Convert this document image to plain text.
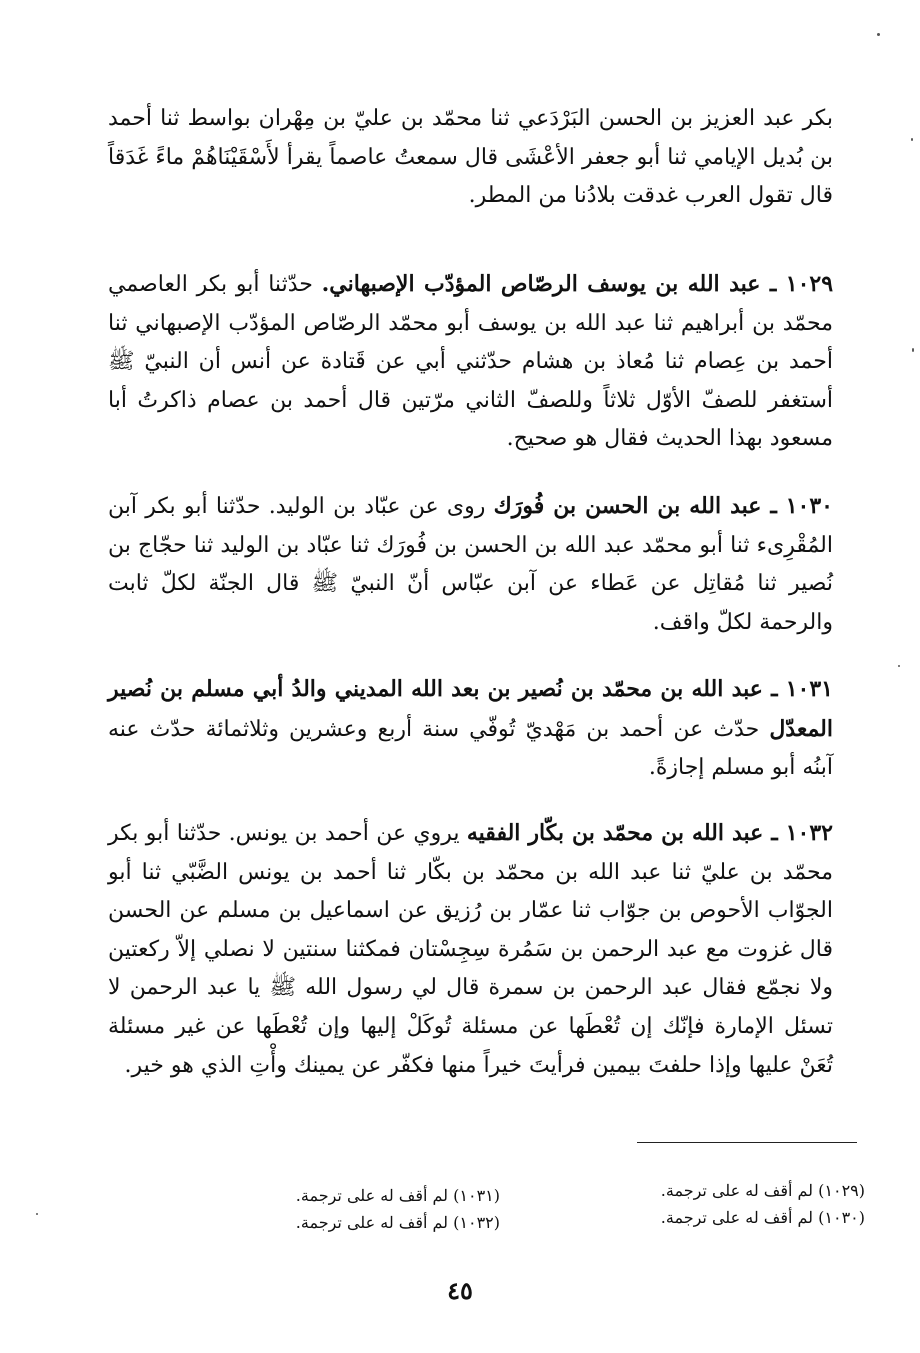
بكر عبد العزيز بن الحسن البَرْدَعي ثنا محمّد بن عليّ بن مِهْران بواسط ثنا أحمد بن بُديل الإيامي ثنا أبو جعفر الأعْشَى قال سمعتُ عاصماً يقرأ لأَسْقَيْنَاهُمْ ماءً غَدَقاً قال تقول العرب غدقت بلادُنا من المطر.

١٠٢٩ ـ عبد الله بن يوسف الرصّاص المؤدّب الإصبهاني. حدّثنا أبو بكر العاصمي محمّد بن أبراهيم ثنا عبد الله بن يوسف أبو محمّد الرصّاص المؤدّب الإصبهاني ثنا أحمد بن عِصام ثنا مُعاذ بن هشام حدّثني أبي عن قَتادة عن أنس أن النبيّ ﷺ أستغفر للصفّ الأوّل ثلاثاً وللصفّ الثاني مرّتين قال أحمد بن عصام ذاكرتُ أبا مسعود بهذا الحديث فقال هو صحيح.

١٠٣٠ ـ عبد الله بن الحسن بن فُورَك روى عن عبّاد بن الوليد. حدّثنا أبو بكر آبن المُقْرِىء ثنا أبو محمّد عبد الله بن الحسن بن فُورَك ثنا عبّاد بن الوليد ثنا حجّاج بن نُصير ثنا مُقاتِل عن عَطاء عن آبن عبّاس أنّ النبيّ ﷺ قال الجنّة لكلّ ثابت والرحمة لكلّ واقف.

١٠٣١ ـ عبد الله بن محمّد بن نُصير بن بعد الله المديني والدُ أبي مسلم بن نُصير المعدّل حدّث عن أحمد بن مَهْديّ تُوفّي سنة أربع وعشرين وثلاثمائة حدّث عنه آبنُه أبو مسلم إجازةً.

١٠٣٢ ـ عبد الله بن محمّد بن بكّار الفقيه يروي عن أحمد بن يونس. حدّثنا أبو بكر محمّد بن عليّ ثنا عبد الله بن محمّد بن بكّار ثنا أحمد بن يونس الضَّبّي ثنا أبو الجوّاب الأحوص بن جوّاب ثنا عمّار بن رُزيق عن اسماعيل بن مسلم عن الحسن قال غزوت مع عبد الرحمن بن سَمُرة سِجِسْتان فمكثنا سنتين لا نصلي إلاّ ركعتين ولا نجمّع فقال عبد الرحمن بن سمرة قال لي رسول الله ﷺ يا عبد الرحمن لا تسئل الإمارة فإنّك إن تُعْطَها عن مسئلة تُوكَلْ إليها وإن تُعْطَها عن غير مسئلة تُعَنْ عليها وإذا حلفتَ بيمين فرأيتَ خيراً منها فكفّر عن يمينك وأْتِ الذي هو خير.

(١٠٢٩) لم أقف له على ترجمة.
(١٠٣٠) لم أقف له على ترجمة.
(١٠٣١) لم أقف له على ترجمة.
(١٠٣٢) لم أقف له على ترجمة.
٤٥
